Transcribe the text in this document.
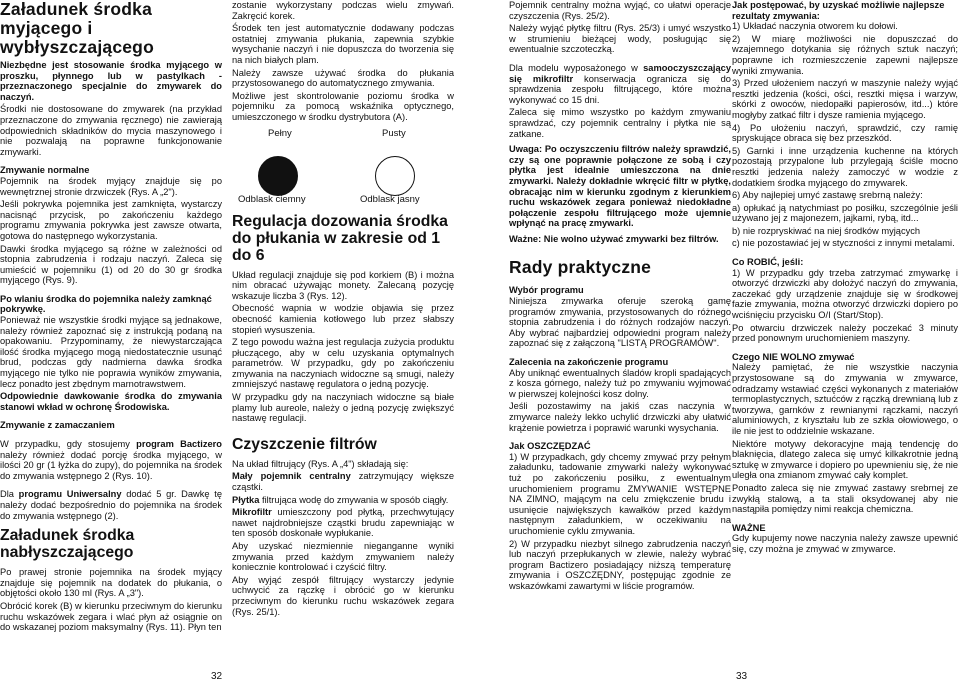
Załadunek środka myjącego i wybłyszczającego

Niezbędne jest stosowanie środka myjącego w proszku, płynnego lub w pastylkach - przeznaczonego specjalnie do zmywarek do naczyń.

Środki nie dostosowane do zmywarek (na przykład przeznaczone do zmywania ręcznego) nie zawierają odpowiednich składników do mycia maszynowego i nie pozwalają na poprawne funkcjonowanie zmywarki.

Zmywanie normalne

Pojemnik na środek myjący znajduje się po wewnętrznej stronie drzwiczek (Rys. A „2").

Jeśli pokrywka pojemnika jest zamknięta, wystarczy nacisnąć przycisk, po zakończeniu każdego programu zmywania pokrywka jest zawsze otwarta, gotowa do następnego wykorzystania.

Dawki środka myjącego są różne w zależności od stopnia zabrudzenia i rodzaju naczyń. Zaleca się umieścić w pojemniku (1) od 20 do 30 gr środka myjącego (Rys. 9).

Po wlaniu środka do pojemnika należy zamknąć pokrywkę.

Ponieważ nie wszystkie środki myjące są jednakowe, należy również zapoznać się z instrukcją podaną na opakowaniu. Przypominamy, że niewystarczająca ilość środka myjącego mogą niedostatecznie usunąć brud, podczas gdy nadmierna dawka środka myjącego nie tylko nie poprawia wyników zmywania, lecz ponadto jest zbędnym marnotrawstwem.

Odpowiednie dawkowanie środka do zmywania stanowi wkład w ochronę Środowiska.

Zmywanie z zamaczaniem

W przypadku, gdy stosujemy program Bactizero należy również dodać porcję środka myjącego, w ilości 20 gr (1 łyżka do zupy), do pojemnika na środek do zmywania wstępnego 2 (Rys. 10).

Dla programu Uniwersalny dodać 5 gr. Dawkę tę należy dodać bezpośrednio do pojemnika na środek do zmywania wstępnego (2).

Załadunek środka nabłyszczającego

Po prawej stronie pojemnika na środek myjący znajduje się pojemnik na dodatek do płukania, o objętości około 130 ml (Rys. A „3").

Obrócić korek (B) w kierunku przeciwnym do kierunku ruchu wskazówek zegara i wlać płyn aż osiągnie on do wskazanej poziom maksymalny (Rys. 11). Płyn ten

zostanie wykorzystany podczas wielu zmywań. Zakręcić korek.

Środek ten jest automatycznie dodawany podczas ostatniej zmywania płukania, zapewnia szybkie wysychanie naczyń i nie dopuszcza do tworzenia się na nich białych plam.

Należy zawsze używać środka do płukania przystosowanego do automatycznego zmywania.

Możliwe jest skontrolowanie poziomu środka w pojemniku za pomocą wskaźnika optycznego, umieszczonego w środku dystrybutora (A).

Pełny	Pusty
Odblask ciemny	Odblask jasny
Regulacja dozowania środka do płukania w zakresie od 1 do 6

Układ regulacji znajduje się pod korkiem (B) i można nim obracać używając monety. Zalecaną pozycję wskazuje liczba 3 (Rys. 12).

Obecność wapnia w wodzie objawia się przez obecność kamienia kotłowego lub przez słabszy stopień wysuszenia.

Z tego powodu ważna jest regulacja zużycia produktu płuczącego, aby w celu uzyskania optymalnych parametrów. W przypadku, gdy po zakończeniu zmywania na naczyniach widoczne są smugi, należy zmniejszyć nastawę regulatora o jedną pozycję.

W przypadku gdy na naczyniach widoczne są białe plamy lub aureole, należy o jedną pozycję zwiększyć nastawę regulacji.

Czyszczenie filtrów

Na układ filtrujący (Rys. A „4") składają się:

Mały pojemnik centralny zatrzymujący większe cząstki.

Płytka filtrująca wodę do zmywania w sposób ciągły.

Mikrofiltr umieszczony pod płytką, przechwytujący nawet najdrobniejsze cząstki brudu zapewniając w ten sposób doskonałe wypłukanie.

Aby uzyskać niezmiennie nieganganne wyniki zmywania przed każdym zmywaniem należy koniecznie kontrolować i czyścić filtry.

Aby wyjąć zespół filtrujący wystarczy jedynie uchwycić za rączkę i obrócić go w kierunku przeciwnym do kierunku ruchu wskazówek zegara (Rys. 25/1).

32

Pojemnik centralny można wyjąć, co ułatwi operacje czyszczenia (Rys. 25/2).

Należy wyjąć płytkę filtru (Rys. 25/3) i umyć wszystko w strumieniu bieżącej wody, posługując się ewentualnie szczoteczką.

Dla modelu wyposażonego w samooczyszczający się mikrofiltr konserwacja ogranicza się do sprawdzenia zespołu filtrującego, które można wykonywać co 15 dni.

Zaleca się mimo wszystko po każdym zmywaniu sprawdzać, czy pojemnik centralny i płytka nie są zatkane.

Uwaga: Po oczyszczeniu filtrów należy sprawdzić, czy są one poprawnie połączone ze sobą i czy płytka jest idealnie umieszczona na dnie zmywarki. Należy dokładnie wkręcić filtr w płytkę, obracając nim w kierunku zgodnym z kierunkiem ruchu wskazówek zegara ponieważ niedokładne połączenie zespołu filtrującego może ujemnie wpłynąć na pracę zmywarki.

Ważne: Nie wolno używać zmywarki bez filtrów.

Rady praktyczne
Wybór programu

Niniejsza zmywarka oferuje szeroką gamę programów zmywania, przystosowanych do różnego stopnia zabrudzenia i do różnych rodzajów naczyń. Aby wybrać najbardziej odpowiedni program należy zapoznać się z załączoną "LISTĄ PROGRAMÓW".

Zalecenia na zakończenie programu

Aby uniknąć ewentualnych śladów kropli spadających z kosza górnego, należy tuż po zmywaniu wyjmować w pierwszej kolejności kosz dolny.

Jeśli pozostawimy na jakiś czas naczynia w zmywarce należy lekko uchylić drzwiczki aby ułatwić krążenie powietrza i poprawić warunki wysychania.

Jak OSZCZĘDZAĆ

1) W przypadkach, gdy chcemy zmywać przy pełnym załadunku, tadowanie zmywarki należy wykonywać tuż po zakończeniu posiłku, z ewentualnym uruchomieniem programu ZMYWANIE WSTĘPNE NA ZIMNO, mającym na celu zmiękczenie brudu i usunięcie największych kawałków przed każdym następnym załadunkiem, w oczekiwaniu na uruchomienie cyklu zmywania.

2) W przypadku niezbyt silnego zabrudzenia naczyń lub naczyń przepłukanych w zlewie, należy wybrać program Bactizero posiadający niższą temperaturę zmywania i OSZCZĘDNY, postępując zgodnie ze wskazówkami zawartymi w liście programów.

Jak postępować, by uzyskać możliwie najlepsze rezultaty zmywania:

1) Układać naczynia otworem ku dołowi.

2) W miarę możliwości nie dopuszczać do wzajemnego dotykania się różnych sztuk naczyń; poprawne ich rozmieszczenie zapewni najlepsze wyniki zmywania.

3) Przed ułożeniem naczyń w maszynie należy wyjąć resztki jedzenia (kości, ości, resztki mięsa i warzyw, skórki z owoców, niedopałki papierosów, itd...) które mogłyby zatkać filtr i dysze ramienia myjącego.

4) Po ułożeniu naczyń, sprawdzić, czy ramię spryskujące obraca się bez przeszkód.

5) Garnki i inne urządzenia kuchenne na których pozostają przypalone lub przylegają ściśle mocno resztki jedzenia należy zamoczyć w wodzie z dodatkiem środka myjącego do zmywarek.

6) Aby najlepiej umyć zastawę srebrną należy:

a) opłukać ją natychmiast po posiłku, szczególnie jeśli używano jej z majonezem, jajkami, rybą, itd...

b) nie rozpryskiwać na niej środków myjących

c) nie pozostawiać jej w styczności z innymi metalami.

Co ROBIĆ, jeśli:

1) W przypadku gdy trzeba zatrzymać zmywarkę i otworzyć drzwiczki aby dołożyć naczyń do zmywania, zaczekać gdy urządzenie znajduje się w środkowej fazie zmywania, można otworzyć drzwiczki dopiero po wciśnięciu przycisku O/I (Start/Stop).

Po otwarciu drzwiczek należy poczekać 3 minuty przed ponownym uruchomieniem maszyny.

Czego NIE WOLNO zmywać

Należy pamiętać, że nie wszystkie naczynia przystosowane są do zmywania w zmywarce, odradzamy wstawiać części wykonanych z materiałów termoplastycznych, sztućców z rączką drewnianą lub z tworzywa, garnków z rewnianymi rączkami, naczyń aluminiowych, z kryształu lub ze szkła ołowiowego, o ile nie jest to oddzielnie wskazane.

Niektóre motywy dekoracyjne mają tendencję do blaknięcia, dlatego zaleca się umyć kilkakrotnie jedną sztukę w zmywarce i dopiero po upewnieniu się, że nie uległa ona zmianom zmywać cały komplet.

Ponadto zaleca się nie zmywać zastawy srebrnej ze zwykłą stalową, a ta stali oksydowanej aby nie nastąpiła pomiędzy nimi reakcja chemiczna.

WAŻNE

Gdy kupujemy nowe naczynia należy zawsze upewnić się, czy można je zmywać w zmywarce.

33
